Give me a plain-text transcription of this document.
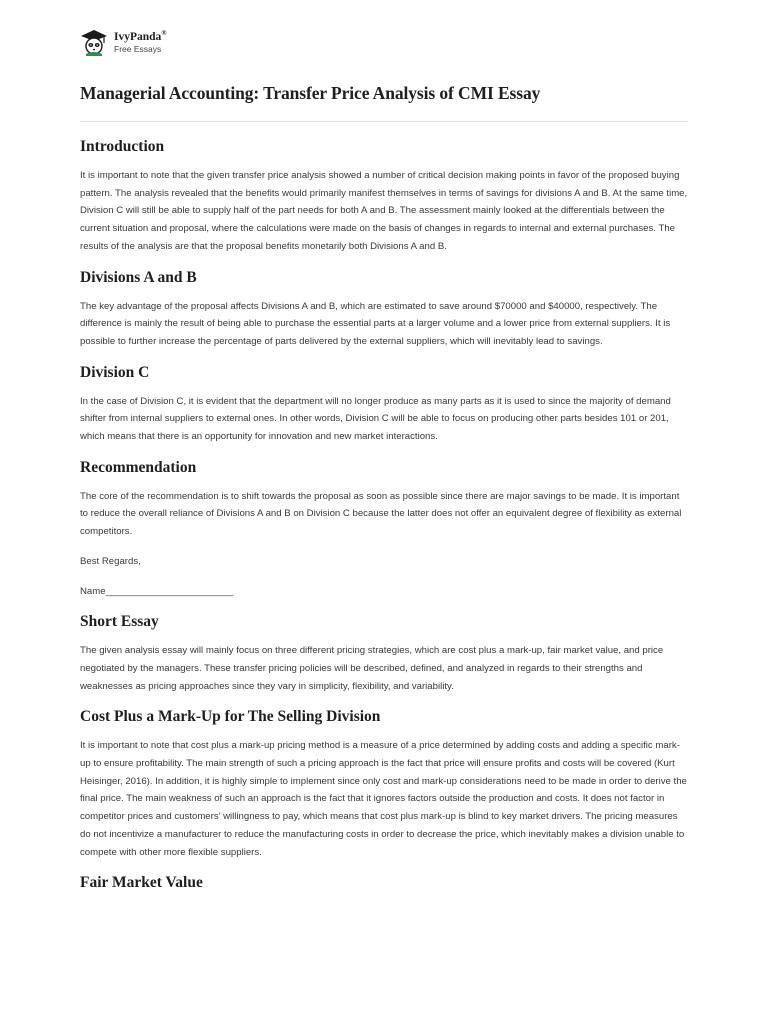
IvyPanda®
Free Essays
Managerial Accounting: Transfer Price Analysis of CMI Essay
Introduction

It is important to note that the given transfer price analysis showed a number of critical decision making points in favor of the proposed buying pattern. The analysis revealed that the benefits would primarily manifest themselves in terms of savings for divisions A and B. At the same time, Division C will still be able to supply half of the part needs for both A and B. The assessment mainly looked at the differentials between the current situation and proposal, where the calculations were made on the basis of changes in regards to internal and external purchases. The results of the analysis are that the proposal benefits monetarily both Divisions A and B.

Divisions A and B

The key advantage of the proposal affects Divisions A and B, which are estimated to save around $70000 and $40000, respectively. The difference is mainly the result of being able to purchase the essential parts at a larger volume and a lower price from external suppliers. It is possible to further increase the percentage of parts delivered by the external suppliers, which will inevitably lead to savings.

Division C

In the case of Division C, it is evident that the department will no longer produce as many parts as it is used to since the majority of demand shifter from internal suppliers to external ones. In other words, Division C will be able to focus on producing other parts besides 101 or 201, which means that there is an opportunity for innovation and new market interactions.

Recommendation

The core of the recommendation is to shift towards the proposal as soon as possible since there are major savings to be made. It is important to reduce the overall reliance of Divisions A and B on Division C because the latter does not offer an equivalent degree of flexibility as external competitors.

Best Regards,

Name________________________

Short Essay

The given analysis essay will mainly focus on three different pricing strategies, which are cost plus a mark-up, fair market value, and price negotiated by the managers. These transfer pricing policies will be described, defined, and analyzed in regards to their strengths and weaknesses as pricing approaches since they vary in simplicity, flexibility, and variability.

Cost Plus a Mark-Up for The Selling Division

It is important to note that cost plus a mark-up pricing method is a measure of a price determined by adding costs and adding a specific mark-up to ensure profitability. The main strength of such a pricing approach is the fact that price will ensure profits and costs will be covered (Kurt Heisinger, 2016). In addition, it is highly simple to implement since only cost and mark-up considerations need to be made in order to derive the final price. The main weakness of such an approach is the fact that it ignores factors outside the production and costs. It does not factor in competitor prices and customers’ willingness to pay, which means that cost plus mark-up is blind to key market drivers. The pricing measures do not incentivize a manufacturer to reduce the manufacturing costs in order to decrease the price, which inevitably makes a division unable to compete with other more flexible suppliers.

Fair Market Value
